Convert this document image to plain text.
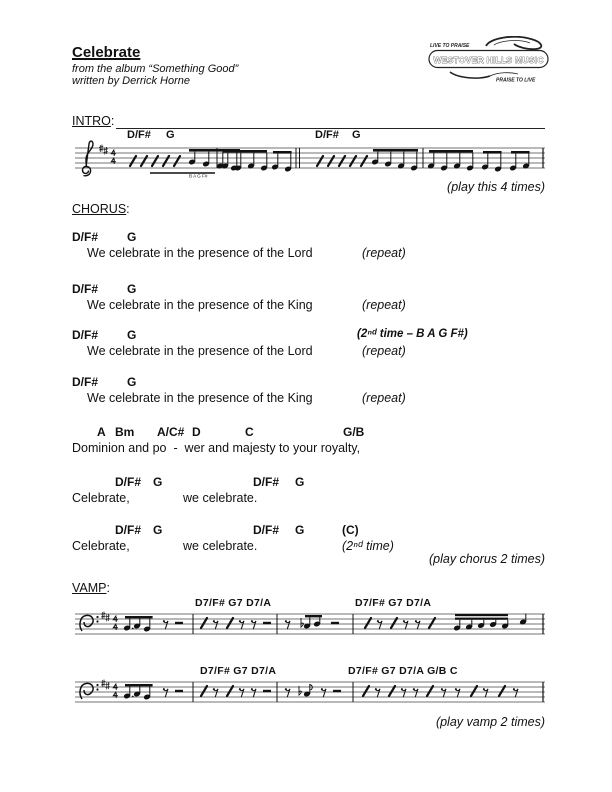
Celebrate
from the album “Something Good”
written by Derrick Horne
LIVE TO PRAISE
WESTOVER HILLS MUSIC
PRAISE TO LIVE
INTRO:
D/F# G	D/F# G
B A G F#
(play this 4 times)
CHORUS:
D/F# G
We celebrate in the presence of the Lord	(repeat)
D/F# G
We celebrate in the presence of the King	(repeat)
D/F# G	(2ⁿᵈ time – B A G F#)
We celebrate in the presence of the Lord	(repeat)
D/F# G
We celebrate in the presence of the King	(repeat)
A Bm A/C# D	C	G/B
Dominion and po  -  wer and majesty to your royalty,
D/F# G	D/F# G
Celebrate,	we celebrate.
D/F# G	D/F# G	(C)
Celebrate,	we celebrate.	(2ⁿᵈ time)
(play chorus 2 times)
VAMP:
D7/F# G7 D7/A	D7/F# G7 D7/A
D7/F# G7 D7/A	D7/F# G7 D7/A G/B C
(play vamp 2 times)
